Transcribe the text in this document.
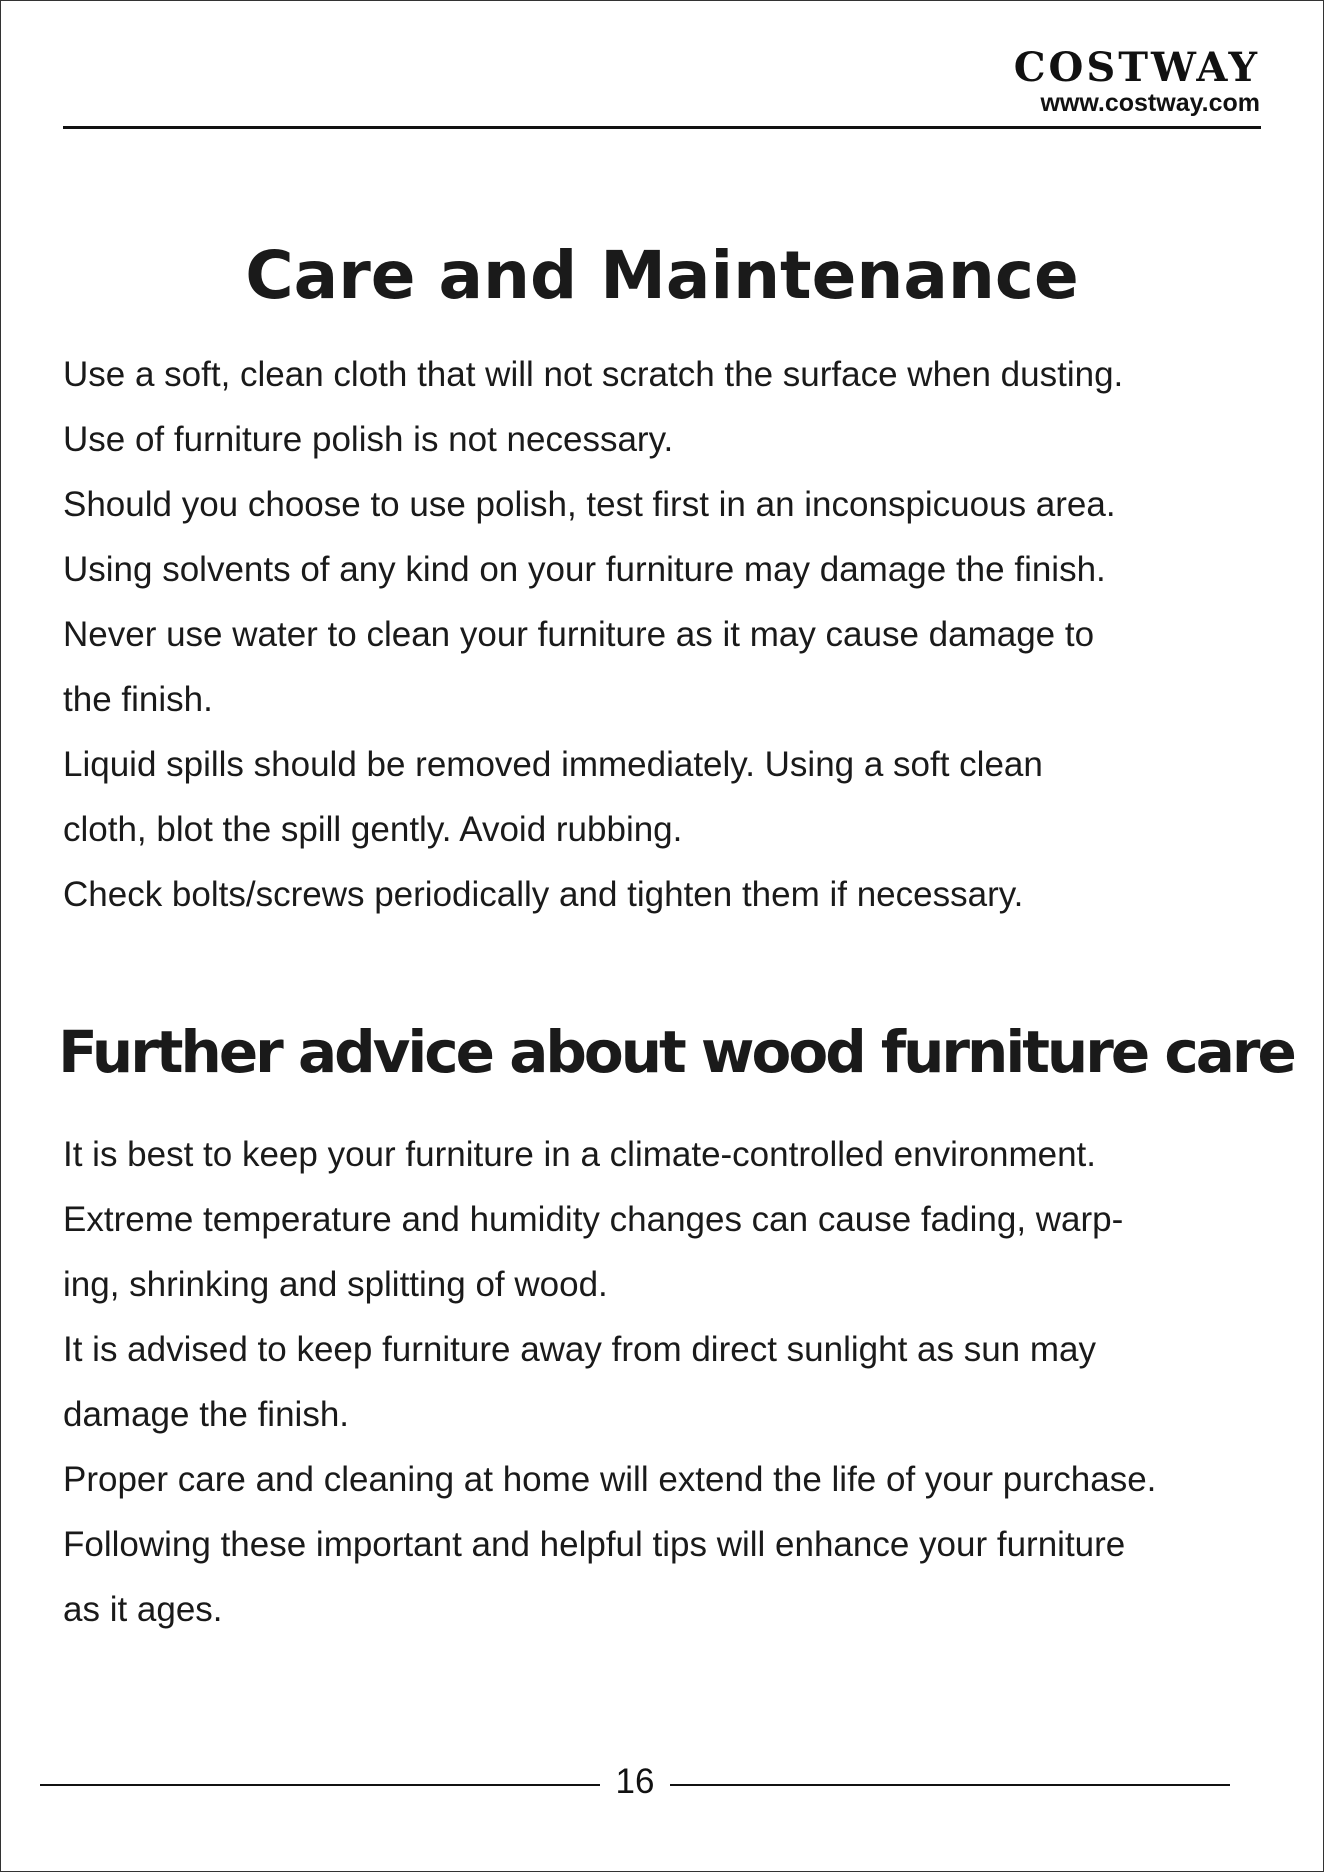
COSTWAY
www.costway.com
Care and Maintenance
Use a soft, clean cloth that will not scratch the surface when dusting.
Use of furniture polish is not necessary.
Should you choose to use polish, test first in an inconspicuous area.
Using solvents of any kind on your furniture may damage the finish.
Never use water to clean your furniture as it may cause damage to
the finish.
Liquid spills should be removed immediately. Using a soft clean
cloth, blot the spill gently. Avoid rubbing.
Check bolts/screws periodically and tighten them if necessary.
Further advice about wood furniture care
It is best to keep your furniture in a climate-controlled environment.
Extreme temperature and humidity changes can cause fading, warp-
ing, shrinking and splitting of wood.
It is advised to keep furniture away from direct sunlight as sun may
damage the finish.
Proper care and cleaning at home will extend the life of your purchase.
Following these important and helpful tips will enhance your furniture
as it ages.
16
